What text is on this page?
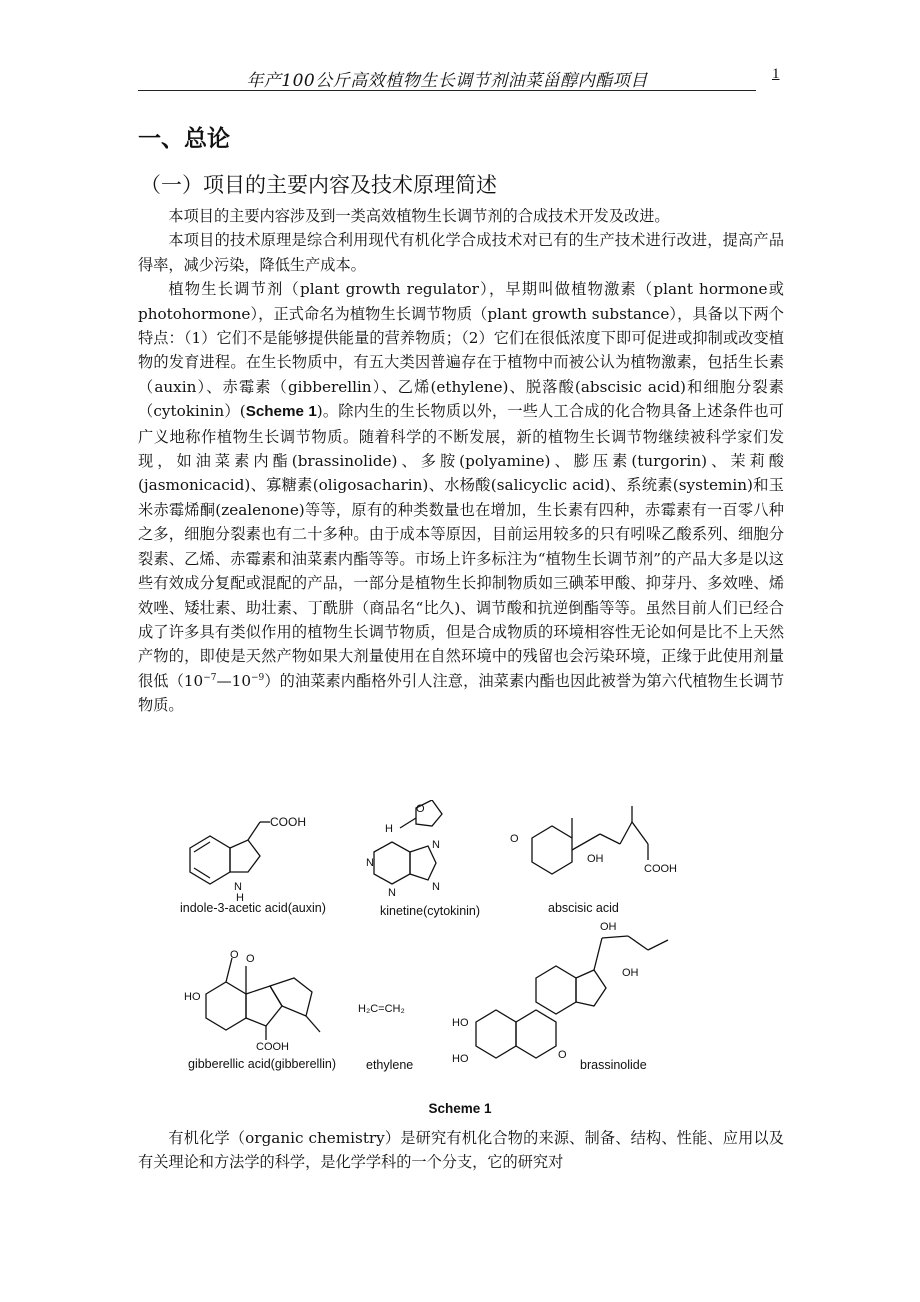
年产100公斤高效植物生长调节剂油菜甾醇内酯项目	1
一、总论
（一）项目的主要内容及技术原理简述

本项目的主要内容涉及到一类高效植物生长调节剂的合成技术开发及改进。

本项目的技术原理是综合利用现代有机化学合成技术对已有的生产技术进行改进，提高产品得率，减少污染，降低生产成本。

植物生长调节剂（plant growth regulator），早期叫做植物激素（plant hormone或photohormone），正式命名为植物生长调节物质（plant growth substance），具备以下两个特点：（1）它们不是能够提供能量的营养物质；（2）它们在很低浓度下即可促进或抑制或改变植物的发育进程。在生长物质中，有五大类因普遍存在于植物中而被公认为植物激素，包括生长素（auxin）、赤霉素（gibberellin）、乙烯(ethylene)、脱落酸(abscisic acid)和细胞分裂素（cytokinin）(Scheme 1)。除内生的生长物质以外，一些人工合成的化合物具备上述条件也可广义地称作植物生长调节物质。随着科学的不断发展，新的植物生长调节物继续被科学家们发现，如油菜素内酯(brassinolide)、多胺(polyamine)、膨压素(turgorin)、茉莉酸(jasmonicacid)、寡糖素(oligosacharin)、水杨酸(salicyclic acid)、系统素(systemin)和玉米赤霉烯酮(zealenone)等等，原有的种类数量也在增加，生长素有四种，赤霉素有一百零八种之多，细胞分裂素也有二十多种。由于成本等原因，目前运用较多的只有吲哚乙酸系列、细胞分裂素、乙烯、赤霉素和油菜素内酯等等。市场上许多标注为“植物生长调节剂”的产品大多是以这些有效成分复配或混配的产品，一部分是植物生长抑制物质如三碘苯甲酸、抑芽丹、多效唑、烯效唑、矮壮素、助壮素、丁酰肼（商品名“比久)、调节酸和抗逆倒酯等等。虽然目前人们已经合成了许多具有类似作用的植物生长调节物质，但是合成物质的环境相容性无论如何是比不上天然产物的，即使是天然产物如果大剂量使用在自然环境中的残留也会污染环境，正缘于此使用剂量很低$(10^{-7}—10^{-9})$的油菜素内酯格外引人注意，油菜素内酯也因此被誉为第六代植物生长调节物质。

COOH
N
H
O
H
N
N
N
N
O
OH
COOH
O O
HO
COOH
H₂C=CH₂
OH
OH
HO
HO	O
indole-3-acetic acid(auxin)	kinetine(cytokinin)	abscisic acid
gibberellic acid(gibberellin) ethylene	brassinolide
Scheme 1

有机化学（organic chemistry）是研究有机化合物的来源、制备、结构、性能、应用以及有关理论和方法学的科学，是化学学科的一个分支，它的研究对
